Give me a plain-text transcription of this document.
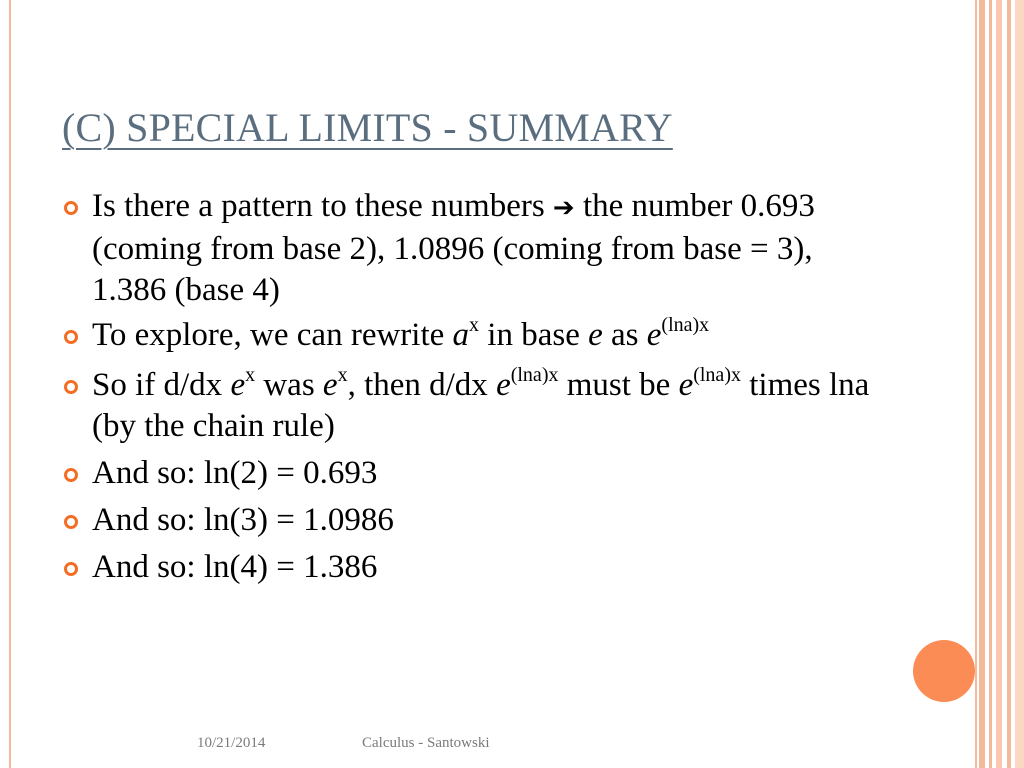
(C) SPECIAL LIMITS - SUMMARY
Is there a pattern to these numbers ➔ the number 0.693 (coming from base 2), 1.0896 (coming from base = 3), 1.386 (base 4)
To explore, we can rewrite $a^x$ in base e as $e^{(lna)x}$
So if d/dx $e^x$ was $e^x$, then d/dx $e^{(lna)x}$ must be $e^{(lna)x}$ times lna (by the chain rule)
And so: ln(2) = 0.693
And so: ln(3) = 1.0986
And so: ln(4) = 1.386
10/21/2014	Calculus - Santowski
